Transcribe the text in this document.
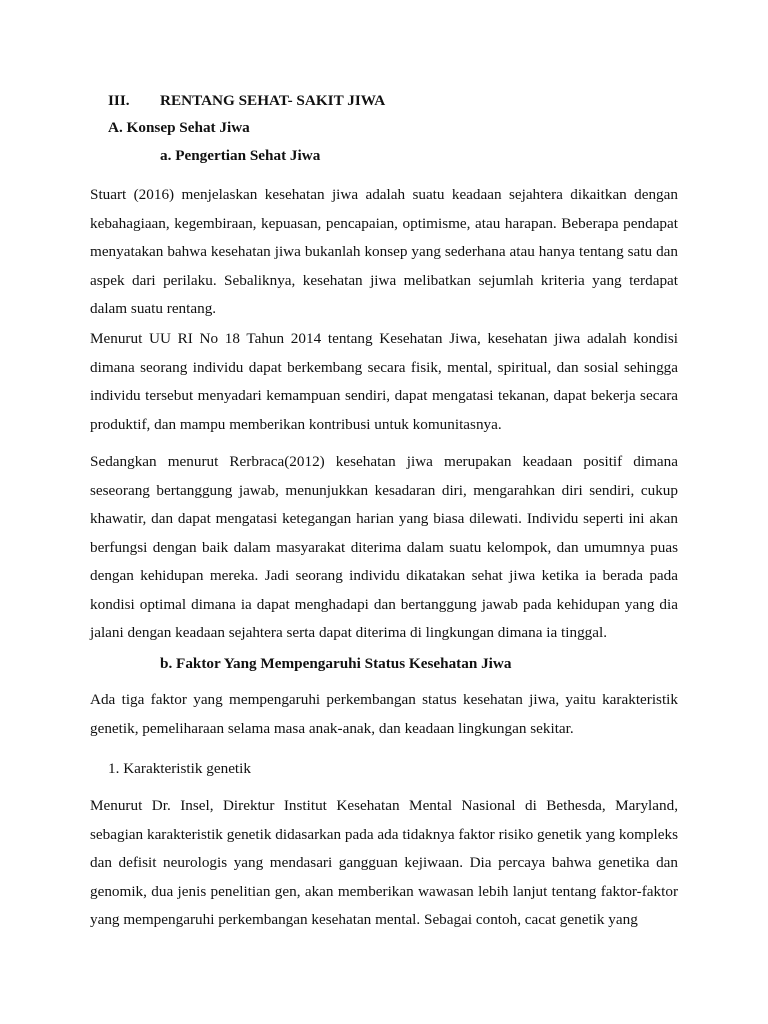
III. RENTANG SEHAT- SAKIT JIWA
A. Konsep Sehat Jiwa
a. Pengertian Sehat Jiwa

Stuart (2016) menjelaskan kesehatan jiwa adalah suatu keadaan sejahtera dikaitkan dengan kebahagiaan, kegembiraan, kepuasan, pencapaian, optimisme, atau harapan. Beberapa pendapat menyatakan bahwa kesehatan jiwa bukanlah konsep yang sederhana atau hanya tentang satu dan aspek dari perilaku. Sebaliknya, kesehatan jiwa melibatkan sejumlah kriteria yang terdapat dalam suatu rentang.

Menurut UU RI No 18 Tahun 2014 tentang Kesehatan Jiwa, kesehatan jiwa adalah kondisi dimana seorang individu dapat berkembang secara fisik, mental, spiritual, dan sosial sehingga individu tersebut menyadari kemampuan sendiri, dapat mengatasi tekanan, dapat bekerja secara produktif, dan mampu memberikan kontribusi untuk komunitasnya.

Sedangkan menurut Rerbraca(2012) kesehatan jiwa merupakan keadaan positif dimana seseorang bertanggung jawab, menunjukkan kesadaran diri, mengarahkan diri sendiri, cukup khawatir, dan dapat mengatasi ketegangan harian yang biasa dilewati. Individu seperti ini akan berfungsi dengan baik dalam masyarakat diterima dalam suatu kelompok, dan umumnya puas dengan kehidupan mereka. Jadi seorang individu dikatakan sehat jiwa ketika ia berada pada kondisi optimal dimana ia dapat menghadapi dan bertanggung jawab pada kehidupan yang dia jalani dengan keadaan sejahtera serta dapat diterima di lingkungan dimana ia tinggal.

b. Faktor Yang Mempengaruhi Status Kesehatan Jiwa

Ada tiga faktor yang mempengaruhi perkembangan status kesehatan jiwa, yaitu karakteristik genetik, pemeliharaan selama masa anak-anak, dan keadaan lingkungan sekitar.

1. Karakteristik genetik

Menurut Dr. Insel, Direktur Institut Kesehatan Mental Nasional di Bethesda, Maryland, sebagian karakteristik genetik didasarkan pada ada tidaknya faktor risiko genetik yang kompleks dan defisit neurologis yang mendasari gangguan kejiwaan. Dia percaya bahwa genetika dan genomik, dua jenis penelitian gen, akan memberikan wawasan lebih lanjut tentang faktor-faktor yang mempengaruhi perkembangan kesehatan mental. Sebagai contoh, cacat genetik yang
